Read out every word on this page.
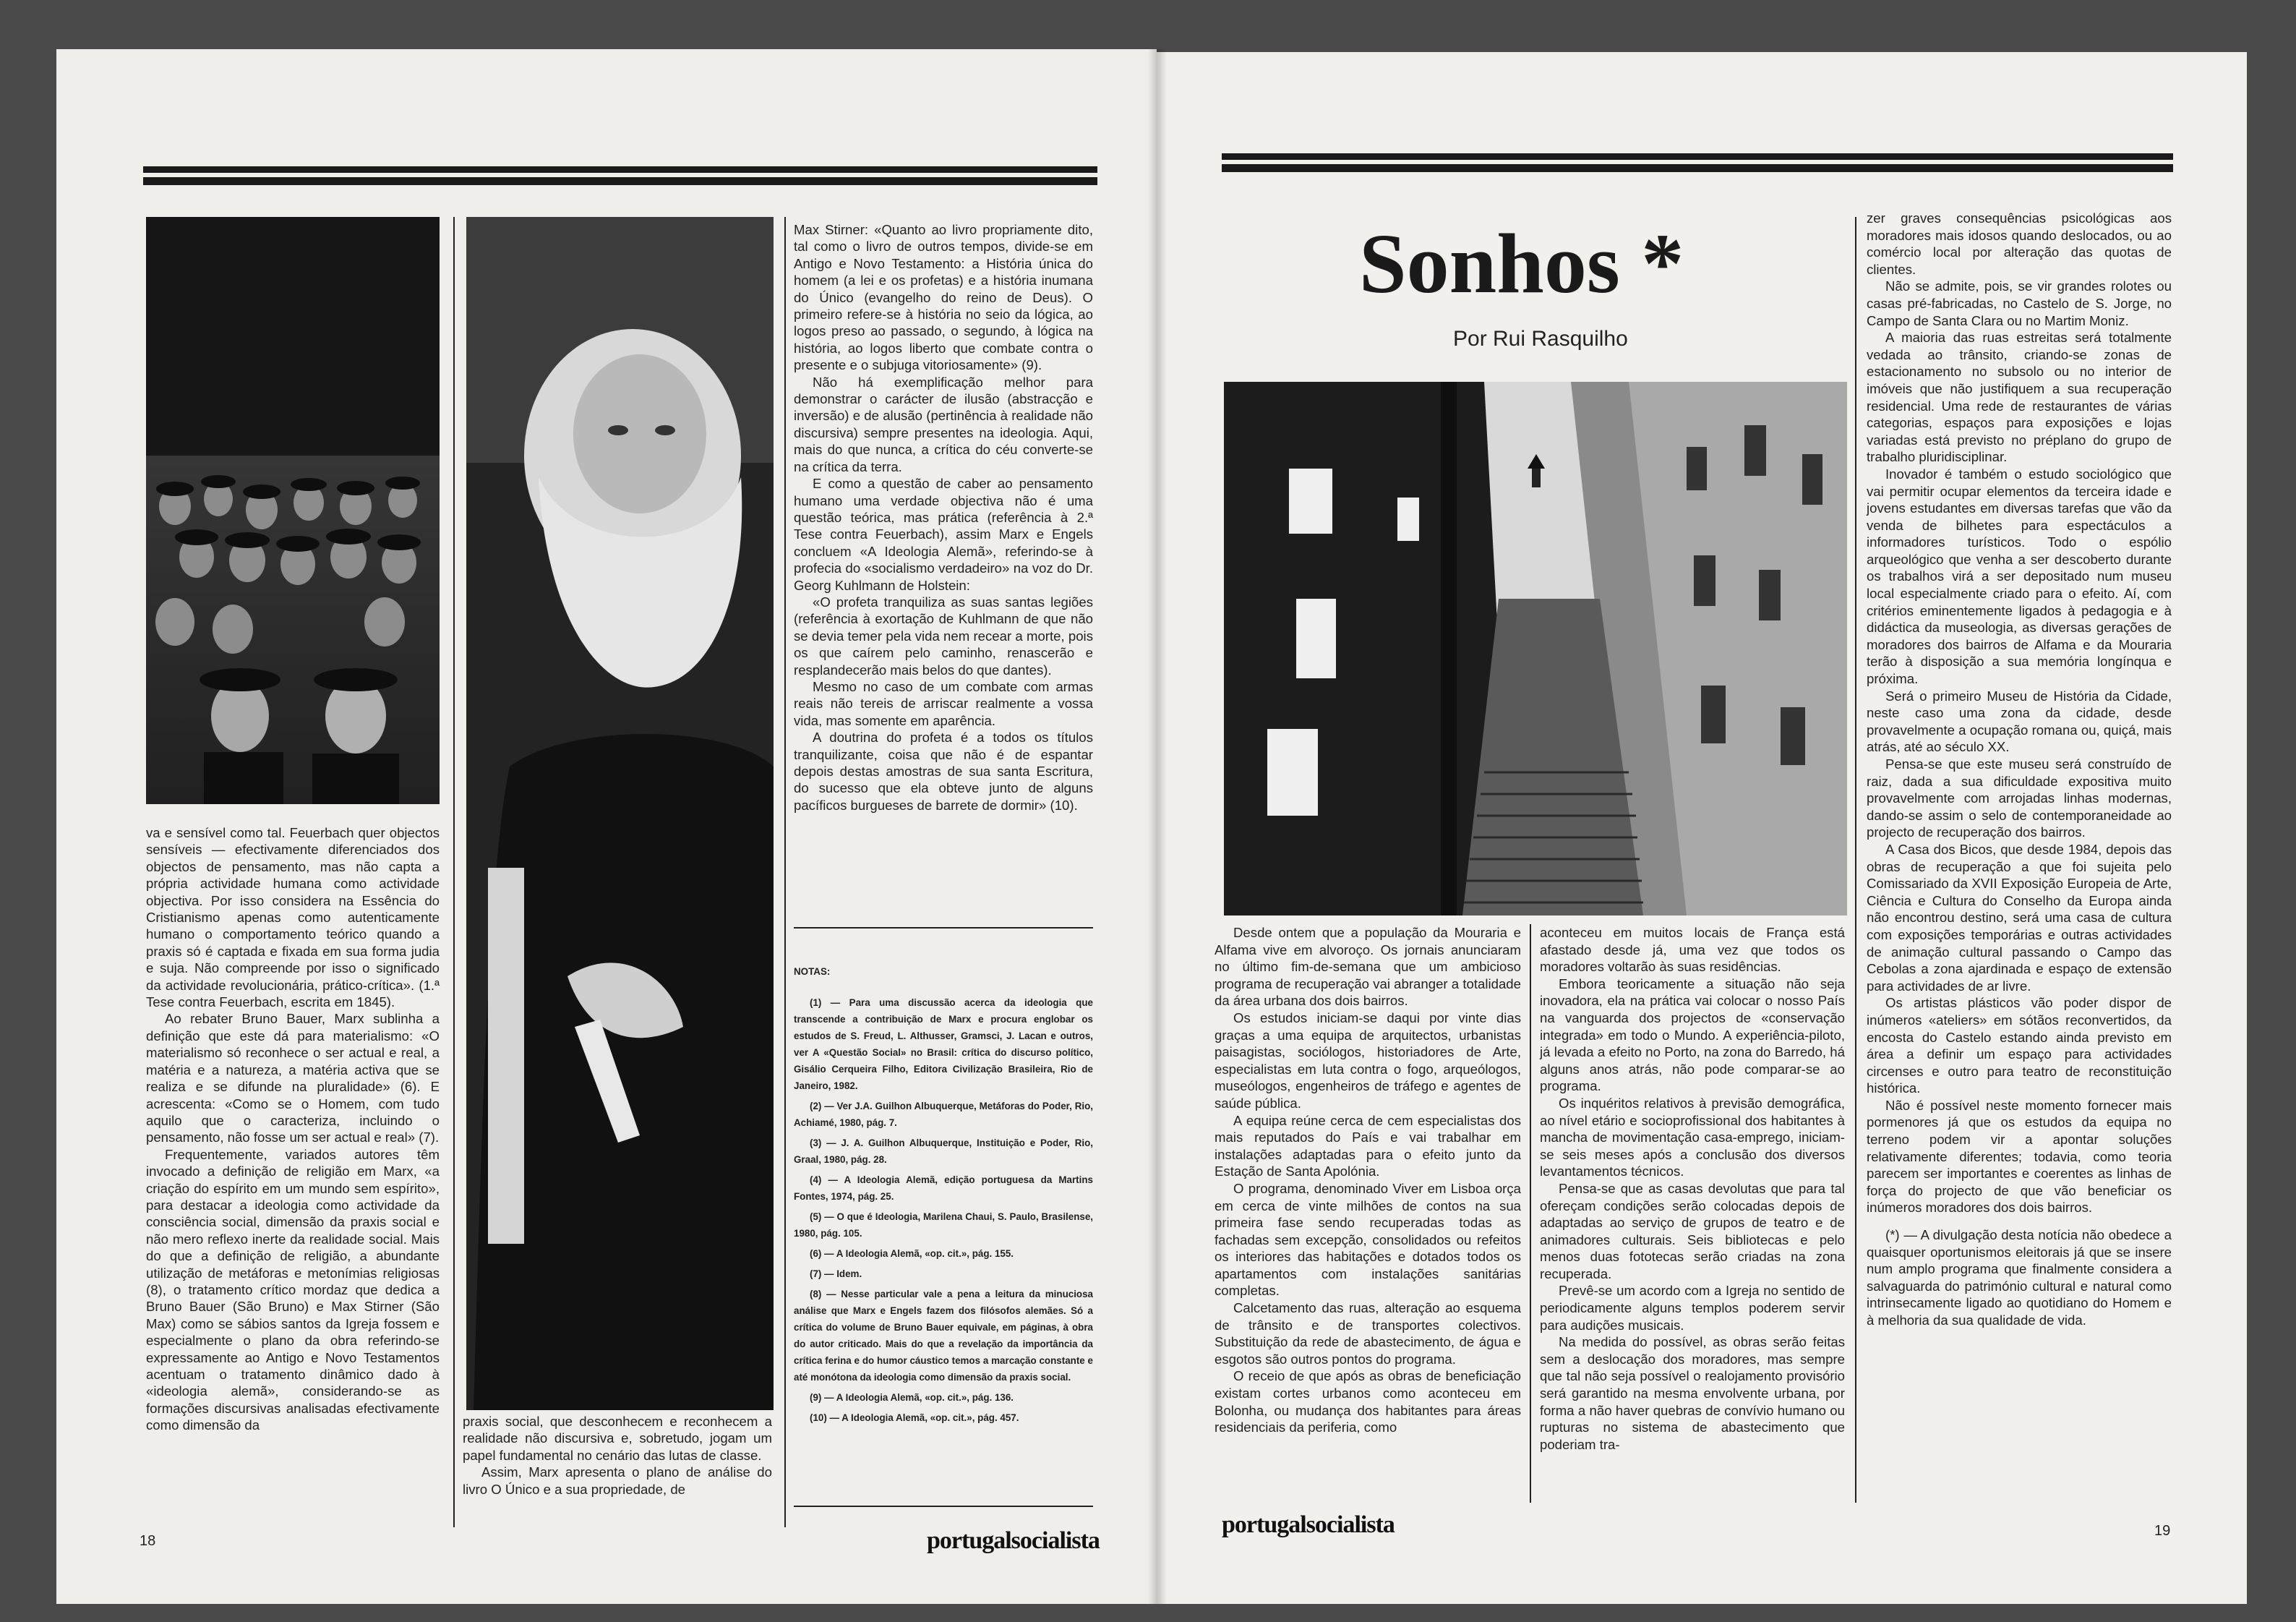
va e sensível como tal. Feuerbach quer objectos sensíveis — efectivamente diferenciados dos objectos de pensamento, mas não capta a própria actividade humana como actividade objectiva. Por isso considera na Essência do Cristianismo apenas como autenticamente humano o comportamento teórico quando a praxis só é captada e fixada em sua forma judia e suja. Não compreende por isso o significado da actividade revolucionária, prático-crítica». (1.ª Tese contra Feuerbach, escrita em 1845).

Ao rebater Bruno Bauer, Marx sublinha a definição que este dá para materialismo: «O materialismo só reconhece o ser actual e real, a matéria e a natureza, a matéria activa que se realiza e se difunde na pluralidade» (6). E acrescenta: «Como se o Homem, com tudo aquilo que o caracteriza, incluindo o pensamento, não fosse um ser actual e real» (7).

Frequentemente, variados autores têm invocado a definição de religião em Marx, «a criação do espírito em um mundo sem espírito», para destacar a ideologia como actividade da consciência social, dimensão da praxis social e não mero reflexo inerte da realidade social. Mais do que a definição de religião, a abundante utilização de metáforas e metonímias religiosas (8), o tratamento crítico mordaz que dedica a Bruno Bauer (São Bruno) e Max Stirner (São Max) como se sábios santos da Igreja fossem e especialmente o plano da obra referindo-se expressamente ao Antigo e Novo Testamentos acentuam o tratamento dinâmico dado à «ideologia alemã», considerando-se as formações discursivas analisadas efectivamente como dimensão da	praxis social, que desconhecem e reconhecem a realidade não discursiva e, sobretudo, jogam um papel fundamental no cenário das lutas de classe.

Assim, Marx apresenta o plano de análise do livro O Único e a sua propriedade, de

Max Stirner: «Quanto ao livro propriamente dito, tal como o livro de outros tempos, divide-se em Antigo e Novo Testamento: a História única do homem (a lei e os profetas) e a história inumana do Único (evangelho do reino de Deus). O primeiro refere-se à história no seio da lógica, ao logos preso ao passado, o segundo, à lógica na história, ao logos liberto que combate contra o presente e o subjuga vitoriosamente» (9).

Não há exemplificação melhor para demonstrar o carácter de ilusão (abstracção e inversão) e de alusão (pertinência à realidade não discursiva) sempre presentes na ideologia. Aqui, mais do que nunca, a crítica do céu converte-se na crítica da terra.

E como a questão de caber ao pensamento humano uma verdade objectiva não é uma questão teórica, mas prática (referência à 2.ª Tese contra Feuerbach), assim Marx e Engels concluem «A Ideologia Alemã», referindo-se à profecia do «socialismo verdadeiro» na voz do Dr. Georg Kuhlmann de Holstein:

«O profeta tranquiliza as suas santas legiões (referência à exortação de Kuhlmann de que não se devia temer pela vida nem recear a morte, pois os que caírem pelo caminho, renascerão e resplandecerão mais belos do que dantes).

Mesmo no caso de um combate com armas reais não tereis de arriscar realmente a vossa vida, mas somente em aparência.

A doutrina do profeta é a todos os títulos tranquilizante, coisa que não é de espantar depois destas amostras de sua santa Escritura, do sucesso que ela obteve junto de alguns pacíficos burgueses de barrete de dormir» (10).

NOTAS:

(1) — Para uma discussão acerca da ideologia que transcende a contribuição de Marx e procura englobar os estudos de S. Freud, L. Althusser, Gramsci, J. Lacan e outros, ver A «Questão Social» no Brasil: crítica do discurso político, Gisálio Cerqueira Filho, Editora Civilização Brasileira, Rio de Janeiro, 1982.

(2) — Ver J.A. Guilhon Albuquerque, Metáforas do Poder, Rio, Achiamé, 1980, pág. 7.

(3) — J. A. Guilhon Albuquerque, Instituição e Poder, Rio, Graal, 1980, pág. 28.

(4) — A Ideologia Alemã, edição portuguesa da Martins Fontes, 1974, pág. 25.

(5) — O que é Ideologia, Marilena Chaui, S. Paulo, Brasilense, 1980, pág. 105.

(6) — A Ideologia Alemã, «op. cit.», pág. 155.

(7) — Idem.

(8) — Nesse particular vale a pena a leitura da minuciosa análise que Marx e Engels fazem dos filósofos alemães. Só a crítica do volume de Bruno Bauer equivale, em páginas, à obra do autor criticado. Mais do que a revelação da importância da crítica ferina e do humor cáustico temos a marcação constante e até monótona da ideologia como dimensão da praxis social.

(9) — A Ideologia Alemã, «op. cit.», pág. 136.

(10) — A Ideologia Alemã, «op. cit.», pág. 457.

18	portugalsocialista
Sonhos *
Por Rui Rasquilho

Desde ontem que a população da Mouraria e Alfama vive em alvoroço. Os jornais anunciaram no último fim-de-semana que um ambicioso programa de recuperação vai abranger a totalidade da área urbana dos dois bairros.

Os estudos iniciam-se daqui por vinte dias graças a uma equipa de arquitectos, urbanistas paisagistas, sociólogos, historiadores de Arte, especialistas em luta contra o fogo, arqueólogos, museólogos, engenheiros de tráfego e agentes de saúde pública.

A equipa reúne cerca de cem especialistas dos mais reputados do País e vai trabalhar em instalações adaptadas para o efeito junto da Estação de Santa Apolónia.

O programa, denominado Viver em Lisboa orça em cerca de vinte milhões de contos na sua primeira fase sendo recuperadas todas as fachadas sem excepção, consolidados ou refeitos os interiores das habitações e dotados todos os apartamentos com instalações sanitárias completas.

Calcetamento das ruas, alteração ao esquema de trânsito e de transportes colectivos. Substituição da rede de abastecimento, de água e esgotos são outros pontos do programa.

O receio de que após as obras de beneficiação existam cortes urbanos como aconteceu em Bolonha, ou mudança dos habitantes para áreas residenciais da periferia, como

aconteceu em muitos locais de França está afastado desde já, uma vez que todos os moradores voltarão às suas residências.

Embora teoricamente a situação não seja inovadora, ela na prática vai colocar o nosso País na vanguarda dos projectos de «conservação integrada» em todo o Mundo. A experiência-piloto, já levada a efeito no Porto, na zona do Barredo, há alguns anos atrás, não pode comparar-se ao programa.

Os inquéritos relativos à previsão demográfica, ao nível etário e socioprofissional dos habitantes à mancha de movimentação casa-emprego, iniciam-se seis meses após a conclusão dos diversos levantamentos técnicos.

Pensa-se que as casas devolutas que para tal ofereçam condições serão colocadas depois de adaptadas ao serviço de grupos de teatro e de animadores culturais. Seis bibliotecas e pelo menos duas fototecas serão criadas na zona recuperada.

Prevê-se um acordo com a Igreja no sentido de periodicamente alguns templos poderem servir para audições musicais.

Na medida do possível, as obras serão feitas sem a deslocação dos moradores, mas sempre que tal não seja possível o realojamento provisório será garantido na mesma envolvente urbana, por forma a não haver quebras de convívio humano ou rupturas no sistema de abastecimento que poderiam tra-

zer graves consequências psicológicas aos moradores mais idosos quando deslocados, ou ao comércio local por alteração das quotas de clientes.

Não se admite, pois, se vir grandes rolotes ou casas pré-fabricadas, no Castelo de S. Jorge, no Campo de Santa Clara ou no Martim Moniz.

A maioria das ruas estreitas será totalmente vedada ao trânsito, criando-se zonas de estacionamento no subsolo ou no interior de imóveis que não justifiquem a sua recuperação residencial. Uma rede de restaurantes de várias categorias, espaços para exposições e lojas variadas está previsto no préplano do grupo de trabalho pluridisciplinar.

Inovador é também o estudo sociológico que vai permitir ocupar elementos da terceira idade e jovens estudantes em diversas tarefas que vão da venda de bilhetes para espectáculos a informadores turísticos. Todo o espólio arqueológico que venha a ser descoberto durante os trabalhos virá a ser depositado num museu local especialmente criado para o efeito. Aí, com critérios eminentemente ligados à pedagogia e à didáctica da museologia, as diversas gerações de moradores dos bairros de Alfama e da Mouraria terão à disposição a sua memória longínqua e próxima.

Será o primeiro Museu de História da Cidade, neste caso uma zona da cidade, desde provavelmente a ocupação romana ou, quiçá, mais atrás, até ao século XX.

Pensa-se que este museu será construído de raiz, dada a sua dificuldade expositiva muito provavelmente com arrojadas linhas modernas, dando-se assim o selo de contemporaneidade ao projecto de recuperação dos bairros.

A Casa dos Bicos, que desde 1984, depois das obras de recuperação a que foi sujeita pelo Comissariado da XVII Exposição Europeia de Arte, Ciência e Cultura do Conselho da Europa ainda não encontrou destino, será uma casa de cultura com exposições temporárias e outras actividades de animação cultural passando o Campo das Cebolas a zona ajardinada e espaço de extensão para actividades de ar livre.

Os artistas plásticos vão poder dispor de inúmeros «ateliers» em sótãos reconvertidos, da encosta do Castelo estando ainda previsto em área a definir um espaço para actividades circenses e outro para teatro de reconstituição histórica.

Não é possível neste momento fornecer mais pormenores já que os estudos da equipa no terreno podem vir a apontar soluções relativamente diferentes; todavia, como teoria parecem ser importantes e coerentes as linhas de força do projecto de que vão beneficiar os inúmeros moradores dos dois bairros.

(*) — A divulgação desta notícia não obedece a quaisquer oportunismos eleitorais já que se insere num amplo programa que finalmente considera a salvaguarda do património cultural e natural como intrinsecamente ligado ao quotidiano do Homem e à melhoria da sua qualidade de vida.

portugalsocialista	19
